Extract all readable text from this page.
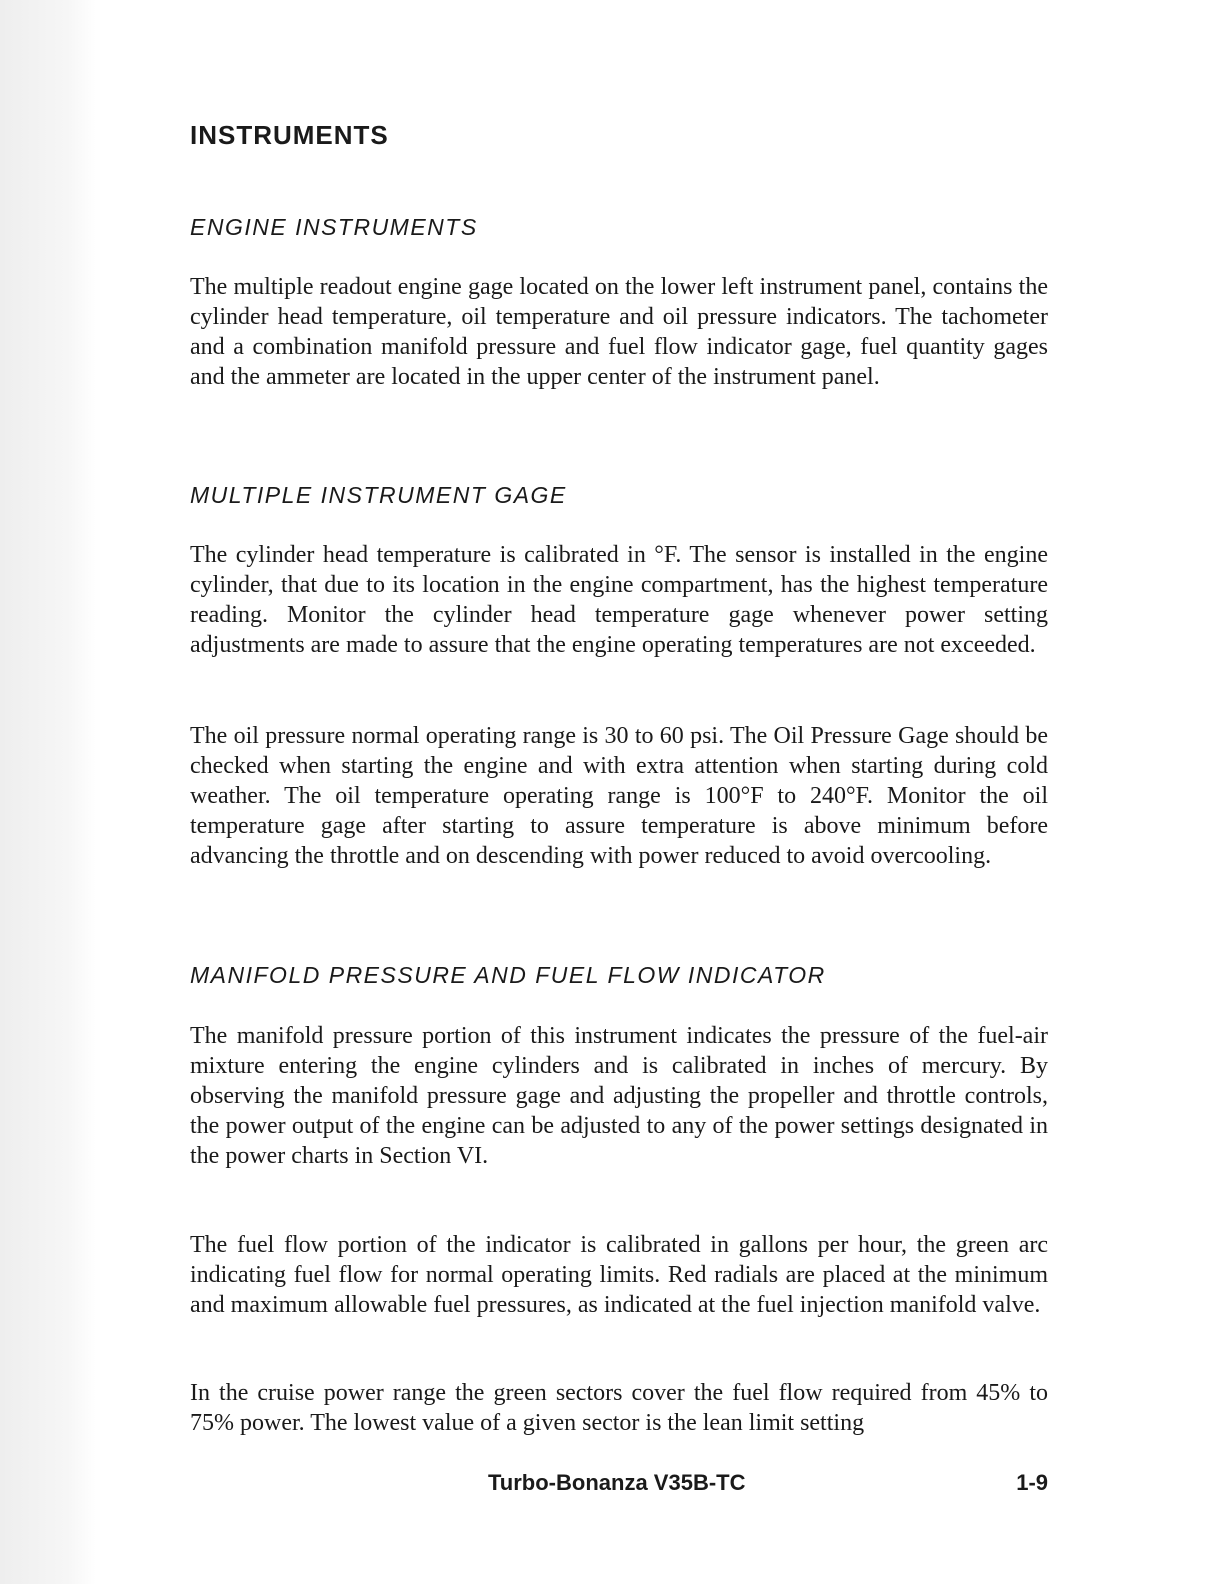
INSTRUMENTS
ENGINE INSTRUMENTS

The multiple readout engine gage located on the lower left instrument panel, contains the cylinder head temperature, oil temperature and oil pressure indicators. The tachometer and a combination manifold pressure and fuel flow indicator gage, fuel quantity gages and the ammeter are located in the upper center of the instrument panel.

MULTIPLE INSTRUMENT GAGE

The cylinder head temperature is calibrated in °F. The sensor is installed in the engine cylinder, that due to its location in the engine compartment, has the highest temperature reading. Monitor the cylinder head temperature gage whenever power setting adjustments are made to assure that the engine operating temperatures are not exceeded.

The oil pressure normal operating range is 30 to 60 psi. The Oil Pressure Gage should be checked when starting the engine and with extra attention when starting during cold weather. The oil temperature operating range is 100°F to 240°F. Monitor the oil temperature gage after starting to assure temperature is above minimum before advancing the throttle and on descending with power reduced to avoid overcooling.

MANIFOLD PRESSURE AND FUEL FLOW INDICATOR

The manifold pressure portion of this instrument indicates the pressure of the fuel-air mixture entering the engine cylinders and is calibrated in inches of mercury. By observing the manifold pressure gage and adjusting the propeller and throttle controls, the power output of the engine can be adjusted to any of the power settings designated in the power charts in Section VI.

The fuel flow portion of the indicator is calibrated in gallons per hour, the green arc indicating fuel flow for normal operating limits. Red radials are placed at the minimum and maximum allowable fuel pressures, as indicated at the fuel injection manifold valve.

In the cruise power range the green sectors cover the fuel flow required from 45% to 75% power. The lowest value of a given sector is the lean limit setting

Turbo-Bonanza V35B-TC	1-9
